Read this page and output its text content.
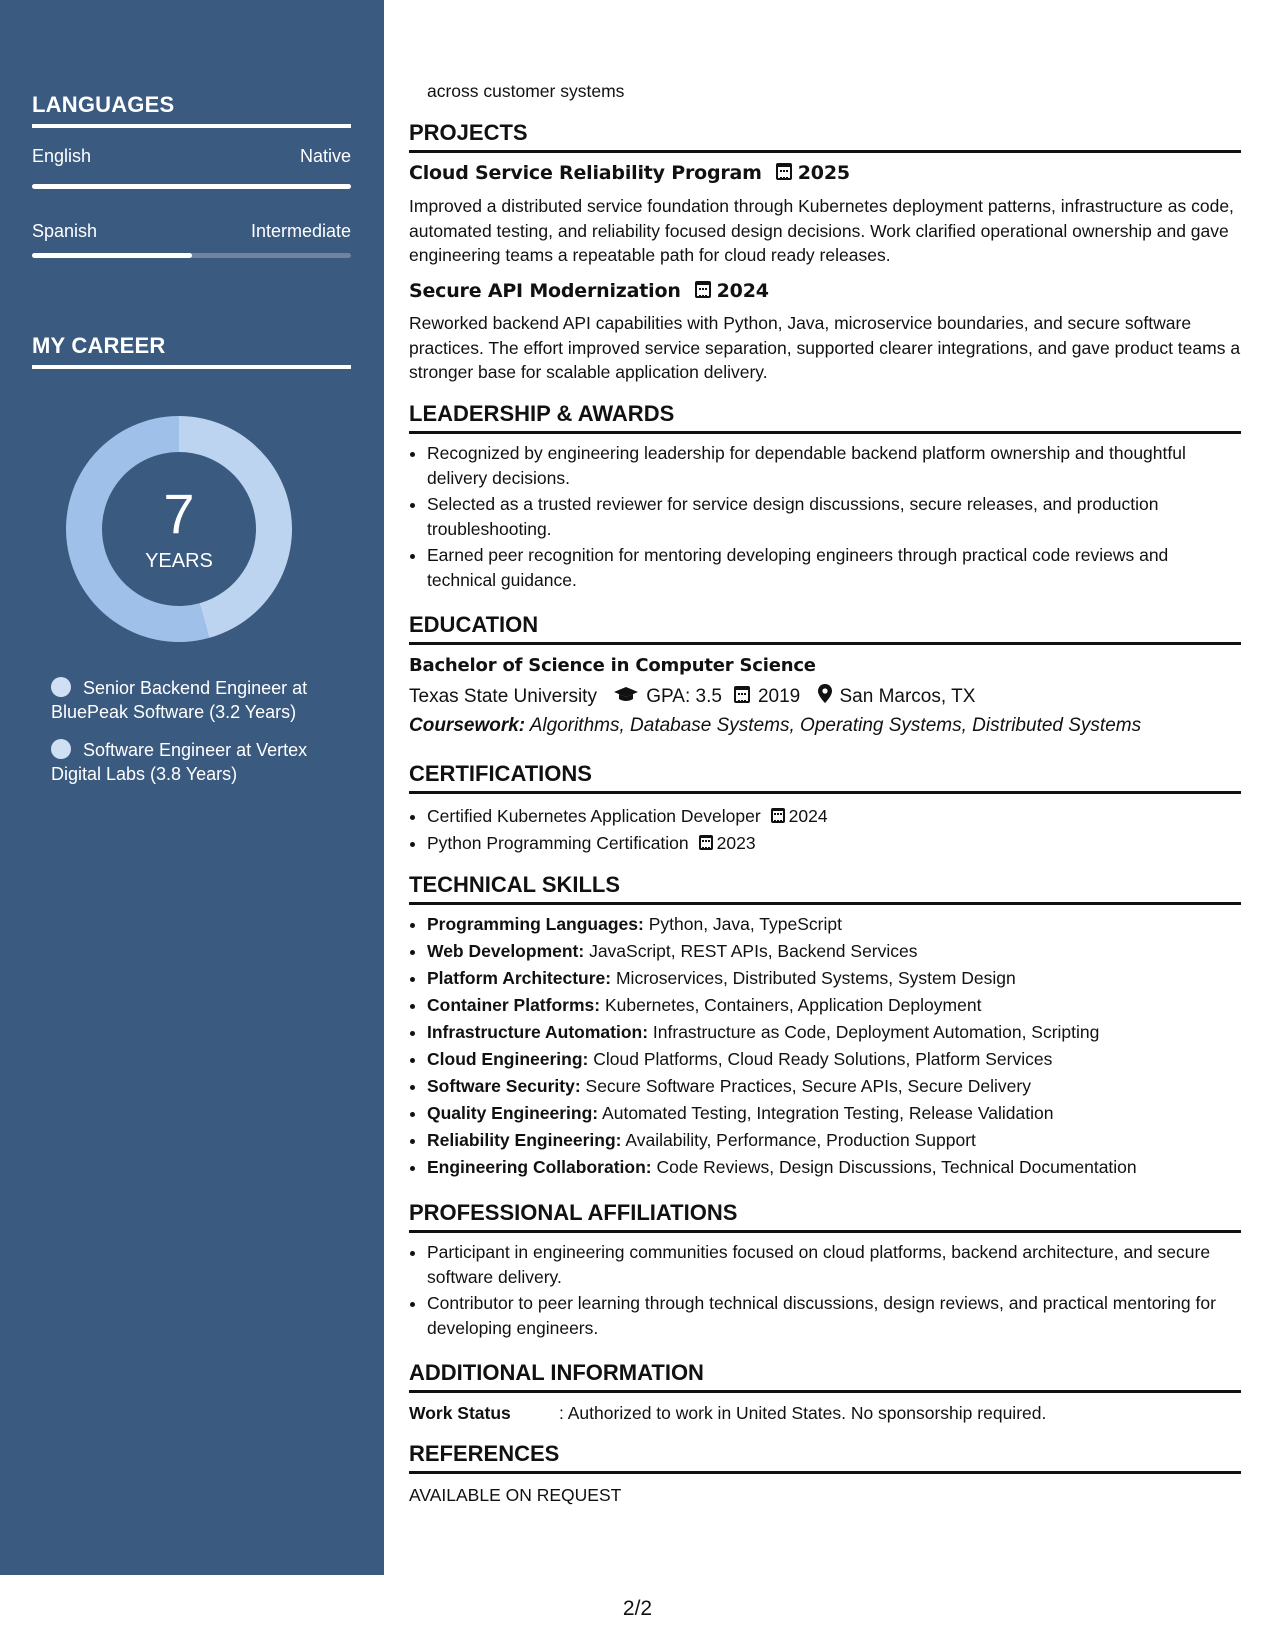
LANGUAGES
English	Native
Spanish	Intermediate
MY CAREER
7
YEARS
Senior Backend Engineer at BluePeak Software (3.2 Years)
Software Engineer at Vertex Digital Labs (3.8 Years)
across customer systems
PROJECTS
Cloud Service Reliability Program 2025
Improved a distributed service foundation through Kubernetes deployment patterns, infrastructure as code, automated testing, and reliability focused design decisions. Work clarified operational ownership and gave engineering teams a repeatable path for cloud ready releases.
Secure API Modernization 2024
Reworked backend API capabilities with Python, Java, microservice boundaries, and secure software practices. The effort improved service separation, supported clearer integrations, and gave product teams a stronger base for scalable application delivery.
LEADERSHIP & AWARDS
• Recognized by engineering leadership for dependable backend platform ownership and thoughtful delivery decisions.
• Selected as a trusted reviewer for service design discussions, secure releases, and production troubleshooting.
• Earned peer recognition for mentoring developing engineers through practical code reviews and technical guidance.
EDUCATION
Bachelor of Science in Computer Science
Texas State University	GPA: 3.5 2019 San Marcos, TX
Coursework: Algorithms, Database Systems, Operating Systems, Distributed Systems
CERTIFICATIONS
• Certified Kubernetes Application Developer 2024
• Python Programming Certification 2023
TECHNICAL SKILLS
• Programming Languages: Python, Java, TypeScript
• Web Development: JavaScript, REST APIs, Backend Services
• Platform Architecture: Microservices, Distributed Systems, System Design
• Container Platforms: Kubernetes, Containers, Application Deployment
• Infrastructure Automation: Infrastructure as Code, Deployment Automation, Scripting
• Cloud Engineering: Cloud Platforms, Cloud Ready Solutions, Platform Services
• Software Security: Secure Software Practices, Secure APIs, Secure Delivery
• Quality Engineering: Automated Testing, Integration Testing, Release Validation
• Reliability Engineering: Availability, Performance, Production Support
• Engineering Collaboration: Code Reviews, Design Discussions, Technical Documentation
PROFESSIONAL AFFILIATIONS
• Participant in engineering communities focused on cloud platforms, backend architecture, and secure software delivery.
• Contributor to peer learning through technical discussions, design reviews, and practical mentoring for developing engineers.
ADDITIONAL INFORMATION
Work Status	: Authorized to work in United States. No sponsorship required.
REFERENCES
AVAILABLE ON REQUEST
2/2
